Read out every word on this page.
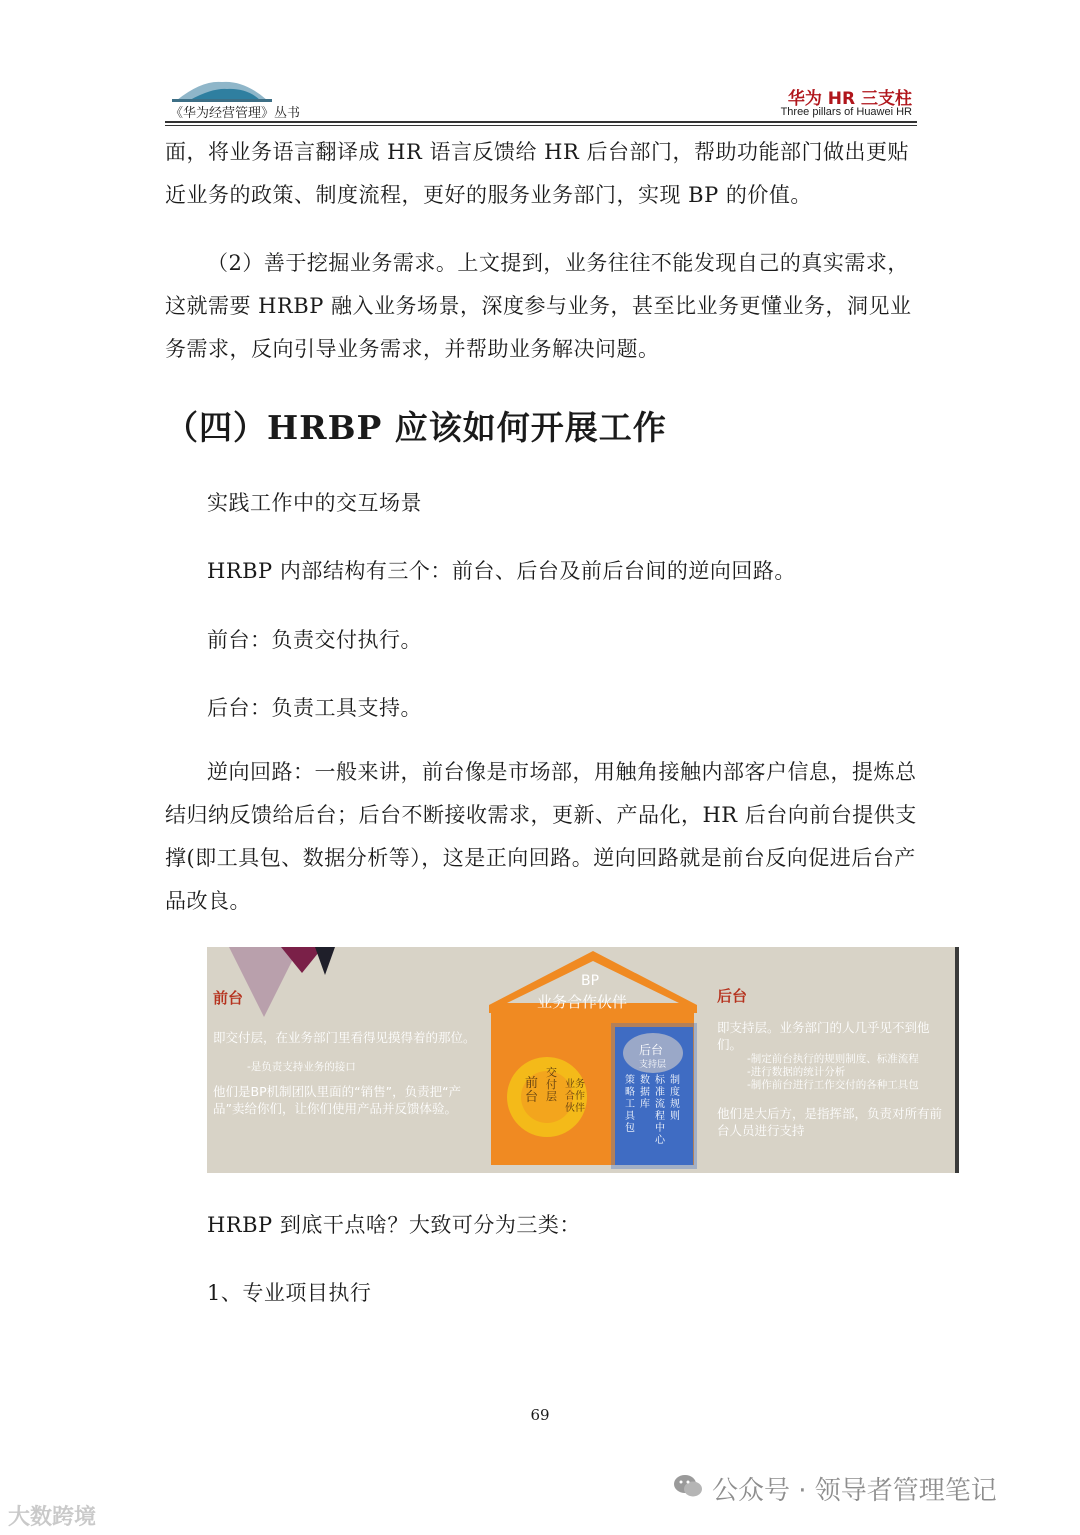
《华为经营管理》丛书
华为 HR 三支柱
Three pillars of Huawei HR

面，将业务语言翻译成 HR 语言反馈给 HR 后台部门，帮助功能部门做出更贴近业务的政策、制度流程，更好的服务业务部门，实现 BP 的价值。

（2）善于挖掘业务需求。上文提到，业务往往不能发现自己的真实需求，这就需要 HRBP 融入业务场景，深度参与业务，甚至比业务更懂业务，洞见业务需求，反向引导业务需求，并帮助业务解决问题。

（四）HRBP 应该如何开展工作

实践工作中的交互场景

HRBP 内部结构有三个：前台、后台及前后台间的逆向回路。

前台：负责交付执行。

后台：负责工具支持。

逆向回路：一般来讲，前台像是市场部，用触角接触内部客户信息，提炼总结归纳反馈给后台；后台不断接收需求，更新、产品化，HR 后台向前台提供支撑(即工具包、数据分析等），这是正向回路。逆向回路就是前台反向促进后台产品改良。

前台
即交付层，在业务部门里看得见摸得着的那位。
-是负责支持业务的接口
他们是BP机制团队里面的“销售”，负责把“产品”卖给你们，让你们使用产品并反馈体验。
BP
业务合作伙伴
前台
交付层
业务合作伙伴
后台
支持层
策略工具包
数据库
标准流程中心
制度规则
后台
即支持层。业务部门的人几乎见不到他们。
-制定前台执行的规则制度、标准流程
-进行数据的统计分析
-制作前台进行工作交付的各种工具包
他们是大后方，是指挥部，负责对所有前台人员进行支持

HRBP 到底干点啥？大致可分为三类：

1、专业项目执行

69
大数跨境
公众号 · 领导者管理笔记
